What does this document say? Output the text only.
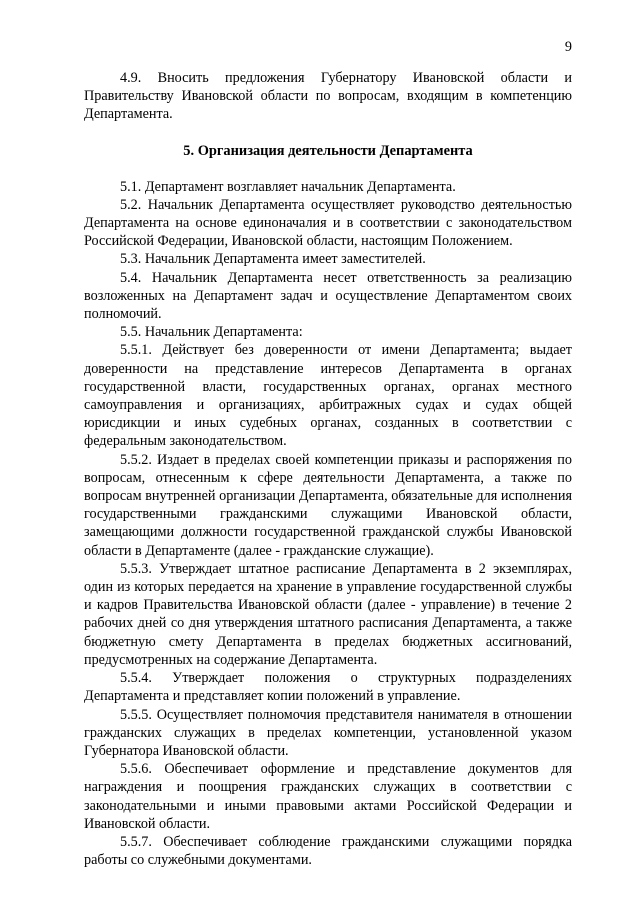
9

4.9. Вносить предложения Губернатору Ивановской области и Правительству Ивановской области по вопросам, входящим в компетенцию Департамента.

5. Организация деятельности Департамента

5.1. Департамент возглавляет начальник Департамента.

5.2. Начальник Департамента осуществляет руководство деятельностью Департамента на основе единоначалия и в соответствии с законодательством Российской Федерации, Ивановской области, настоящим Положением.

5.3. Начальник Департамента имеет заместителей.

5.4. Начальник Департамента несет ответственность за реализацию возложенных на Департамент задач и осуществление Департаментом своих полномочий.

5.5. Начальник Департамента:

5.5.1. Действует без доверенности от имени Департамента; выдает доверенности на представление интересов Департамента в органах государственной власти, государственных органах, органах местного самоуправления и организациях, арбитражных судах и судах общей юрисдикции и иных судебных органах, созданных в соответствии с федеральным законодательством.

5.5.2. Издает в пределах своей компетенции приказы и распоряжения по вопросам, отнесенным к сфере деятельности Департамента, а также по вопросам внутренней организации Департамента, обязательные для исполнения государственными гражданскими служащими Ивановской области, замещающими должности государственной гражданской службы Ивановской области в Департаменте (далее - гражданские служащие).

5.5.3. Утверждает штатное расписание Департамента в 2 экземплярах, один из которых передается на хранение в управление государственной службы и кадров Правительства Ивановской области (далее - управление) в течение 2 рабочих дней со дня утверждения штатного расписания Департамента, а также бюджетную смету Департамента в пределах бюджетных ассигнований, предусмотренных на содержание Департамента.

5.5.4. Утверждает положения о структурных подразделениях Департамента и представляет копии положений в управление.

5.5.5. Осуществляет полномочия представителя нанимателя в отношении гражданских служащих в пределах компетенции, установленной указом Губернатора Ивановской области.

5.5.6. Обеспечивает оформление и представление документов для награждения и поощрения гражданских служащих в соответствии с законодательными и иными правовыми актами Российской Федерации и Ивановской области.

5.5.7. Обеспечивает соблюдение гражданскими служащими порядка работы со служебными документами.
